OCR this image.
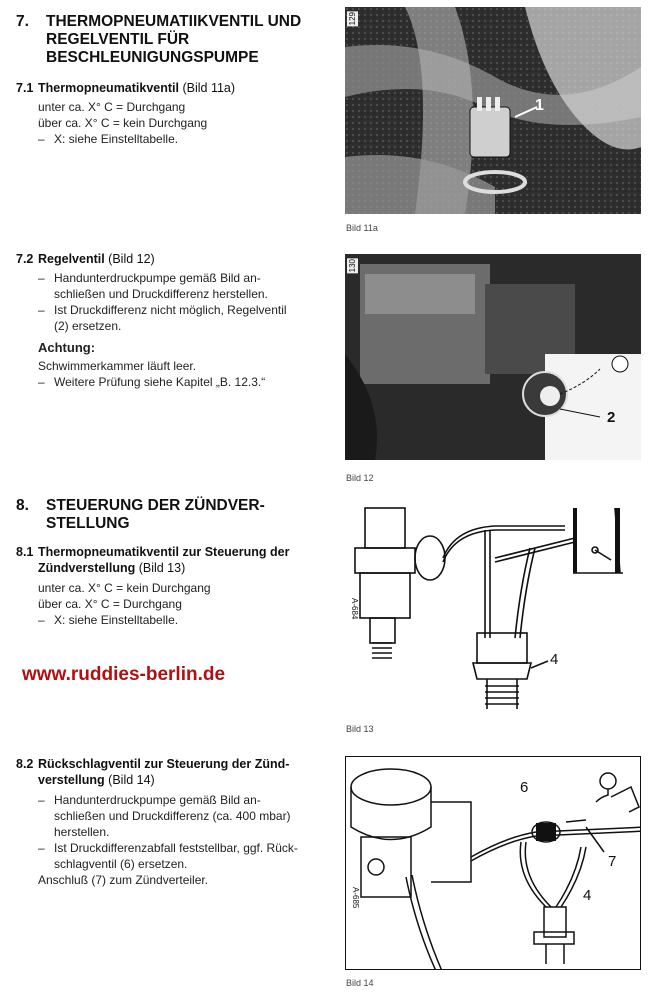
7. THERMOPNEUMATIIKVENTIL UND REGELVENTIL FÜR BESCHLEUNIGUNGSPUMPE
7.1 Thermopneumatikventil (Bild 11a)
unter ca. X° C = Durchgang
über ca. X° C = kein Durchgang
– X: siehe Einstelltabelle.
7.2 Regelventil (Bild 12)
– Handunterdruckpumpe gemäß Bild an-schließen und Druckdifferenz herstellen.
– Ist Druckdifferenz nicht möglich, Regelventil (2) ersetzen.
Achtung:
Schwimmerkammer läuft leer.
– Weitere Prüfung siehe Kapitel „B. 12.3.“
8. STEUERUNG DER ZÜNDVER-STELLUNG
8.1 Thermopneumatikventil zur Steuerung der Zündverstellung (Bild 13)
unter ca. X° C = kein Durchgang
über ca. X° C = Durchgang
– X: siehe Einstelltabelle.
www.ruddies-berlin.de
8.2 Rückschlagventil zur Steuerung der Zünd-verstellung (Bild 14)
– Handunterdruckpumpe gemäß Bild an-schließen und Druckdifferenz (ca. 400 mbar) herstellen.
– Ist Druckdifferenzabfall feststellbar, ggf. Rück-schlagventil (6) ersetzen.
Anschluß (7) zum Zündverteiler.
129
1
Bild 11a
130
2
Bild 12
A-684
4
Bild 13
A-685
6
7
4
Bild 14
